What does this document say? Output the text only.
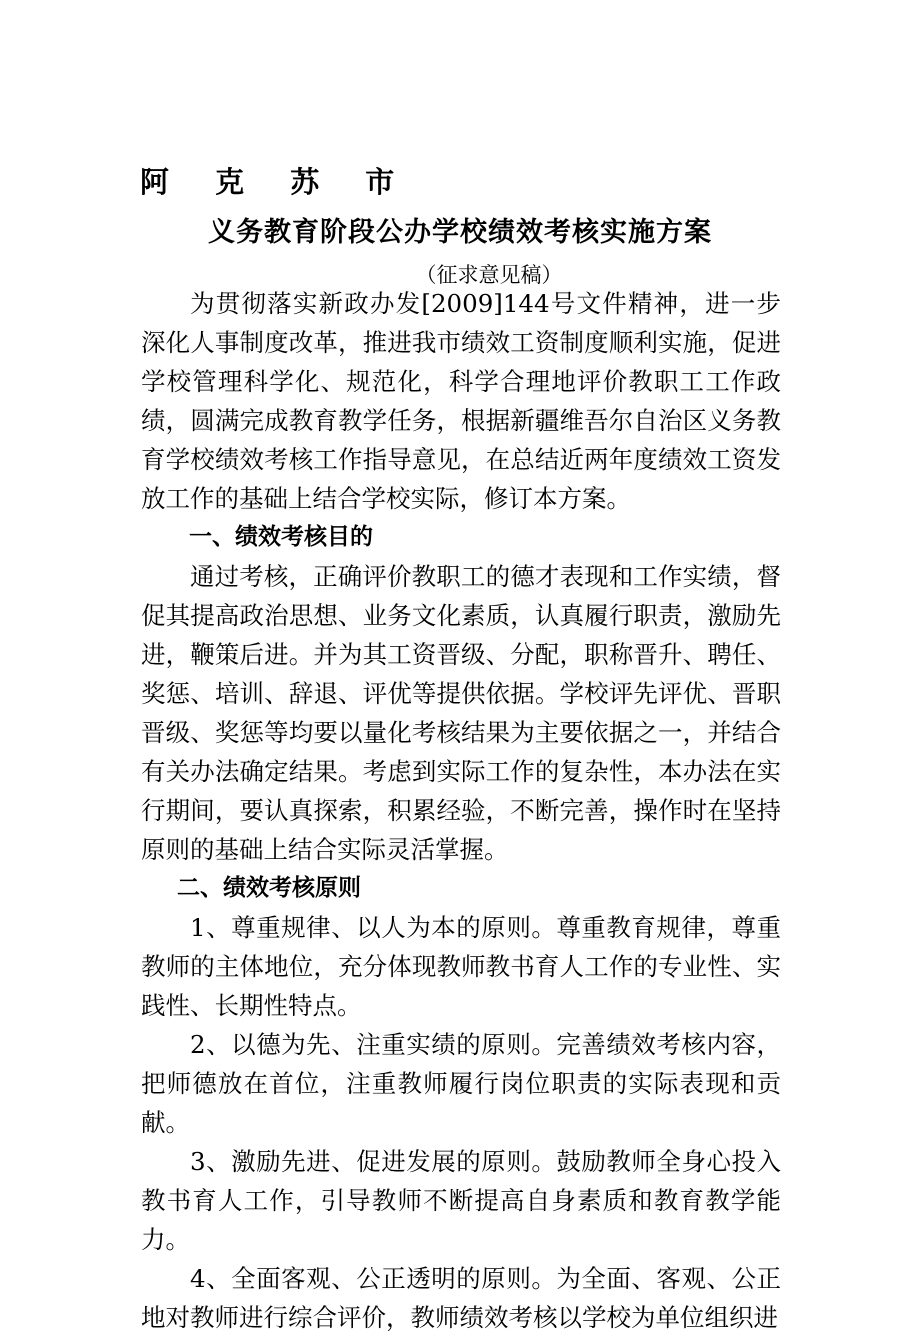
阿 克 苏 市
义务教育阶段公办学校绩效考核实施方案
（征求意见稿）

为贯彻落实新政办发[2009]144号文件精神，进一步深化人事制度改革，推进我市绩效工资制度顺利实施，促进学校管理科学化、规范化，科学合理地评价教职工工作政绩，圆满完成教育教学任务，根据新疆维吾尔自治区义务教育学校绩效考核工作指导意见，在总结近两年度绩效工资发放工作的基础上结合学校实际，修订本方案。

一、绩效考核目的

通过考核，正确评价教职工的德才表现和工作实绩，督促其提高政治思想、业务文化素质，认真履行职责，激励先进，鞭策后进。并为其工资晋级、分配，职称晋升、聘任、奖惩、培训、辞退、评优等提供依据。学校评先评优、晋职晋级、奖惩等均要以量化考核结果为主要依据之一，并结合有关办法确定结果。考虑到实际工作的复杂性，本办法在实行期间，要认真探索，积累经验，不断完善，操作时在坚持原则的基础上结合实际灵活掌握。

二、绩效考核原则

1、尊重规律、以人为本的原则。尊重教育规律，尊重教师的主体地位，充分体现教师教书育人工作的专业性、实践性、长期性特点。

2、以德为先、注重实绩的原则。完善绩效考核内容，把师德放在首位，注重教师履行岗位职责的实际表现和贡献。

3、激励先进、促进发展的原则。鼓励教师全身心投入教书育人工作，引导教师不断提高自身素质和教育教学能力。

4、全面客观、公正透明的原则。为全面、客观、公正地对教师进行综合评价，教师绩效考核以学校为单位组织进
